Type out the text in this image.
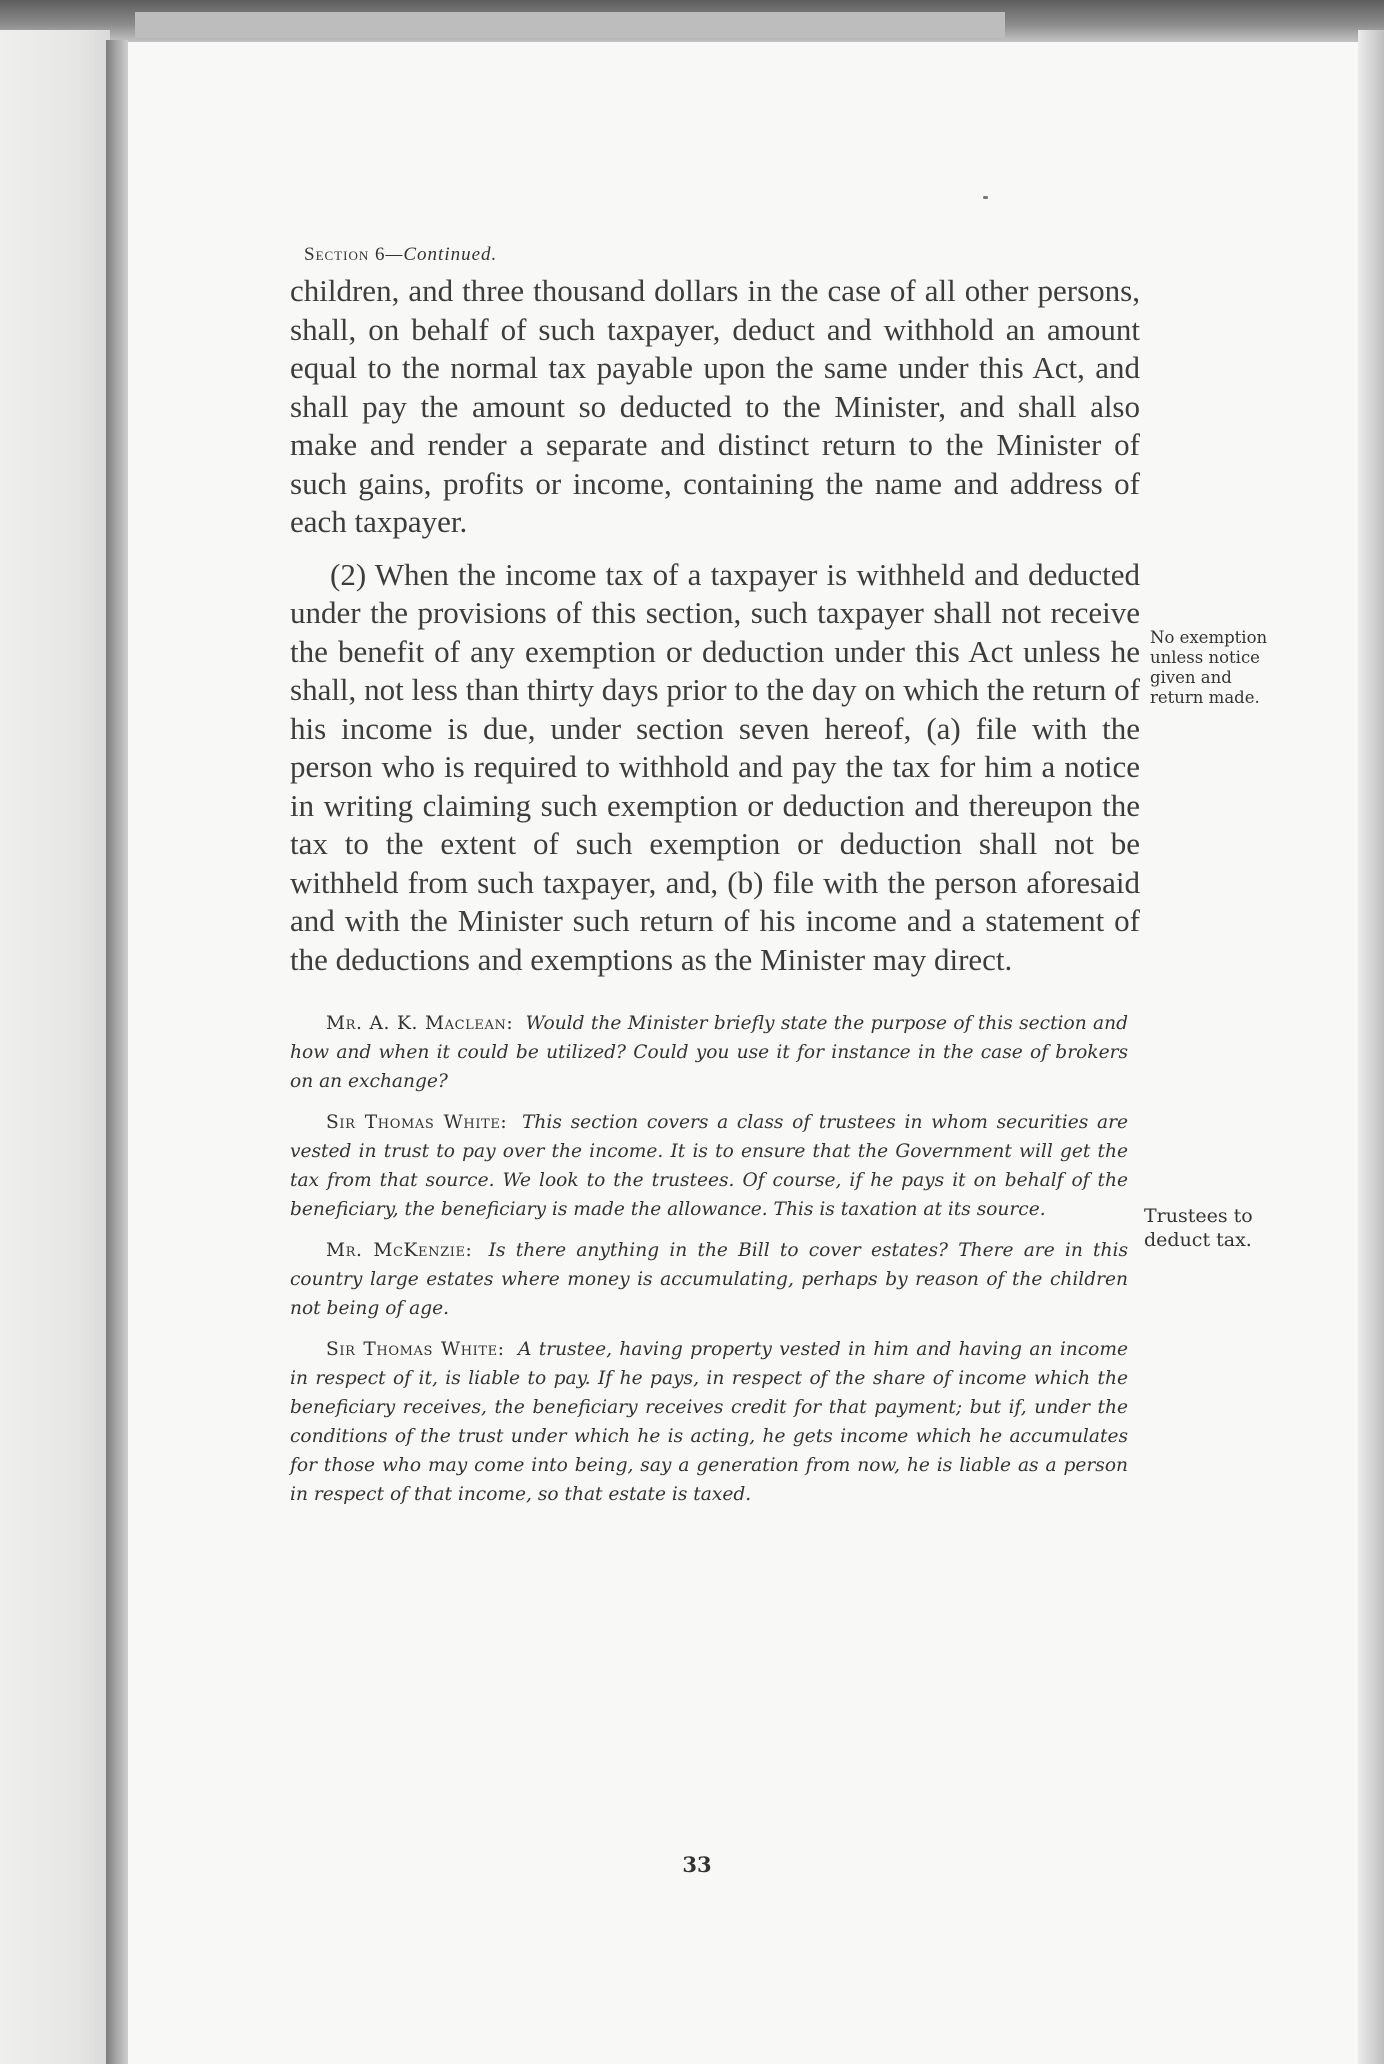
Section 6—Continued.

children, and three thousand dollars in the case of all other persons, shall, on behalf of such taxpayer, deduct and withhold an amount equal to the normal tax payable upon the same under this Act, and shall pay the amount so deducted to the Minister, and shall also make and render a separate and distinct return to the Minister of such gains, profits or income, containing the name and address of each taxpayer.

(2) When the income tax of a taxpayer is withheld and deducted under the provisions of this section, such taxpayer shall not receive the benefit of any exemption or deduction under this Act unless he shall, not less than thirty days prior to the day on which the return of his income is due, under section seven hereof, (a) file with the person who is required to withhold and pay the tax for him a notice in writing claiming such exemption or deduction and thereupon the tax to the extent of such exemption or deduction shall not be withheld from such taxpayer, and, (b) file with the person aforesaid and with the Minister such return of his income and a statement of the deductions and exemptions as the Minister may direct.

Mr. A. K. Maclean: Would the Minister briefly state the purpose of this section and how and when it could be utilized? Could you use it for instance in the case of brokers on an exchange?

Sir Thomas White: This section covers a class of trustees in whom securities are vested in trust to pay over the income. It is to ensure that the Government will get the tax from that source. We look to the trustees. Of course, if he pays it on behalf of the beneficiary, the beneficiary is made the allowance. This is taxation at its source.

Mr. McKenzie: Is there anything in the Bill to cover estates? There are in this country large estates where money is accumulating, perhaps by reason of the children not being of age.

Sir Thomas White: A trustee, having property vested in him and having an income in respect of it, is liable to pay. If he pays, in respect of the share of income which the beneficiary receives, the beneficiary receives credit for that payment; but if, under the conditions of the trust under which he is acting, he gets income which he accumulates for those who may come into being, say a generation from now, he is liable as a person in respect of that income, so that estate is taxed.

No exemption unless notice given and return made.
Trustees to deduct tax.
33
